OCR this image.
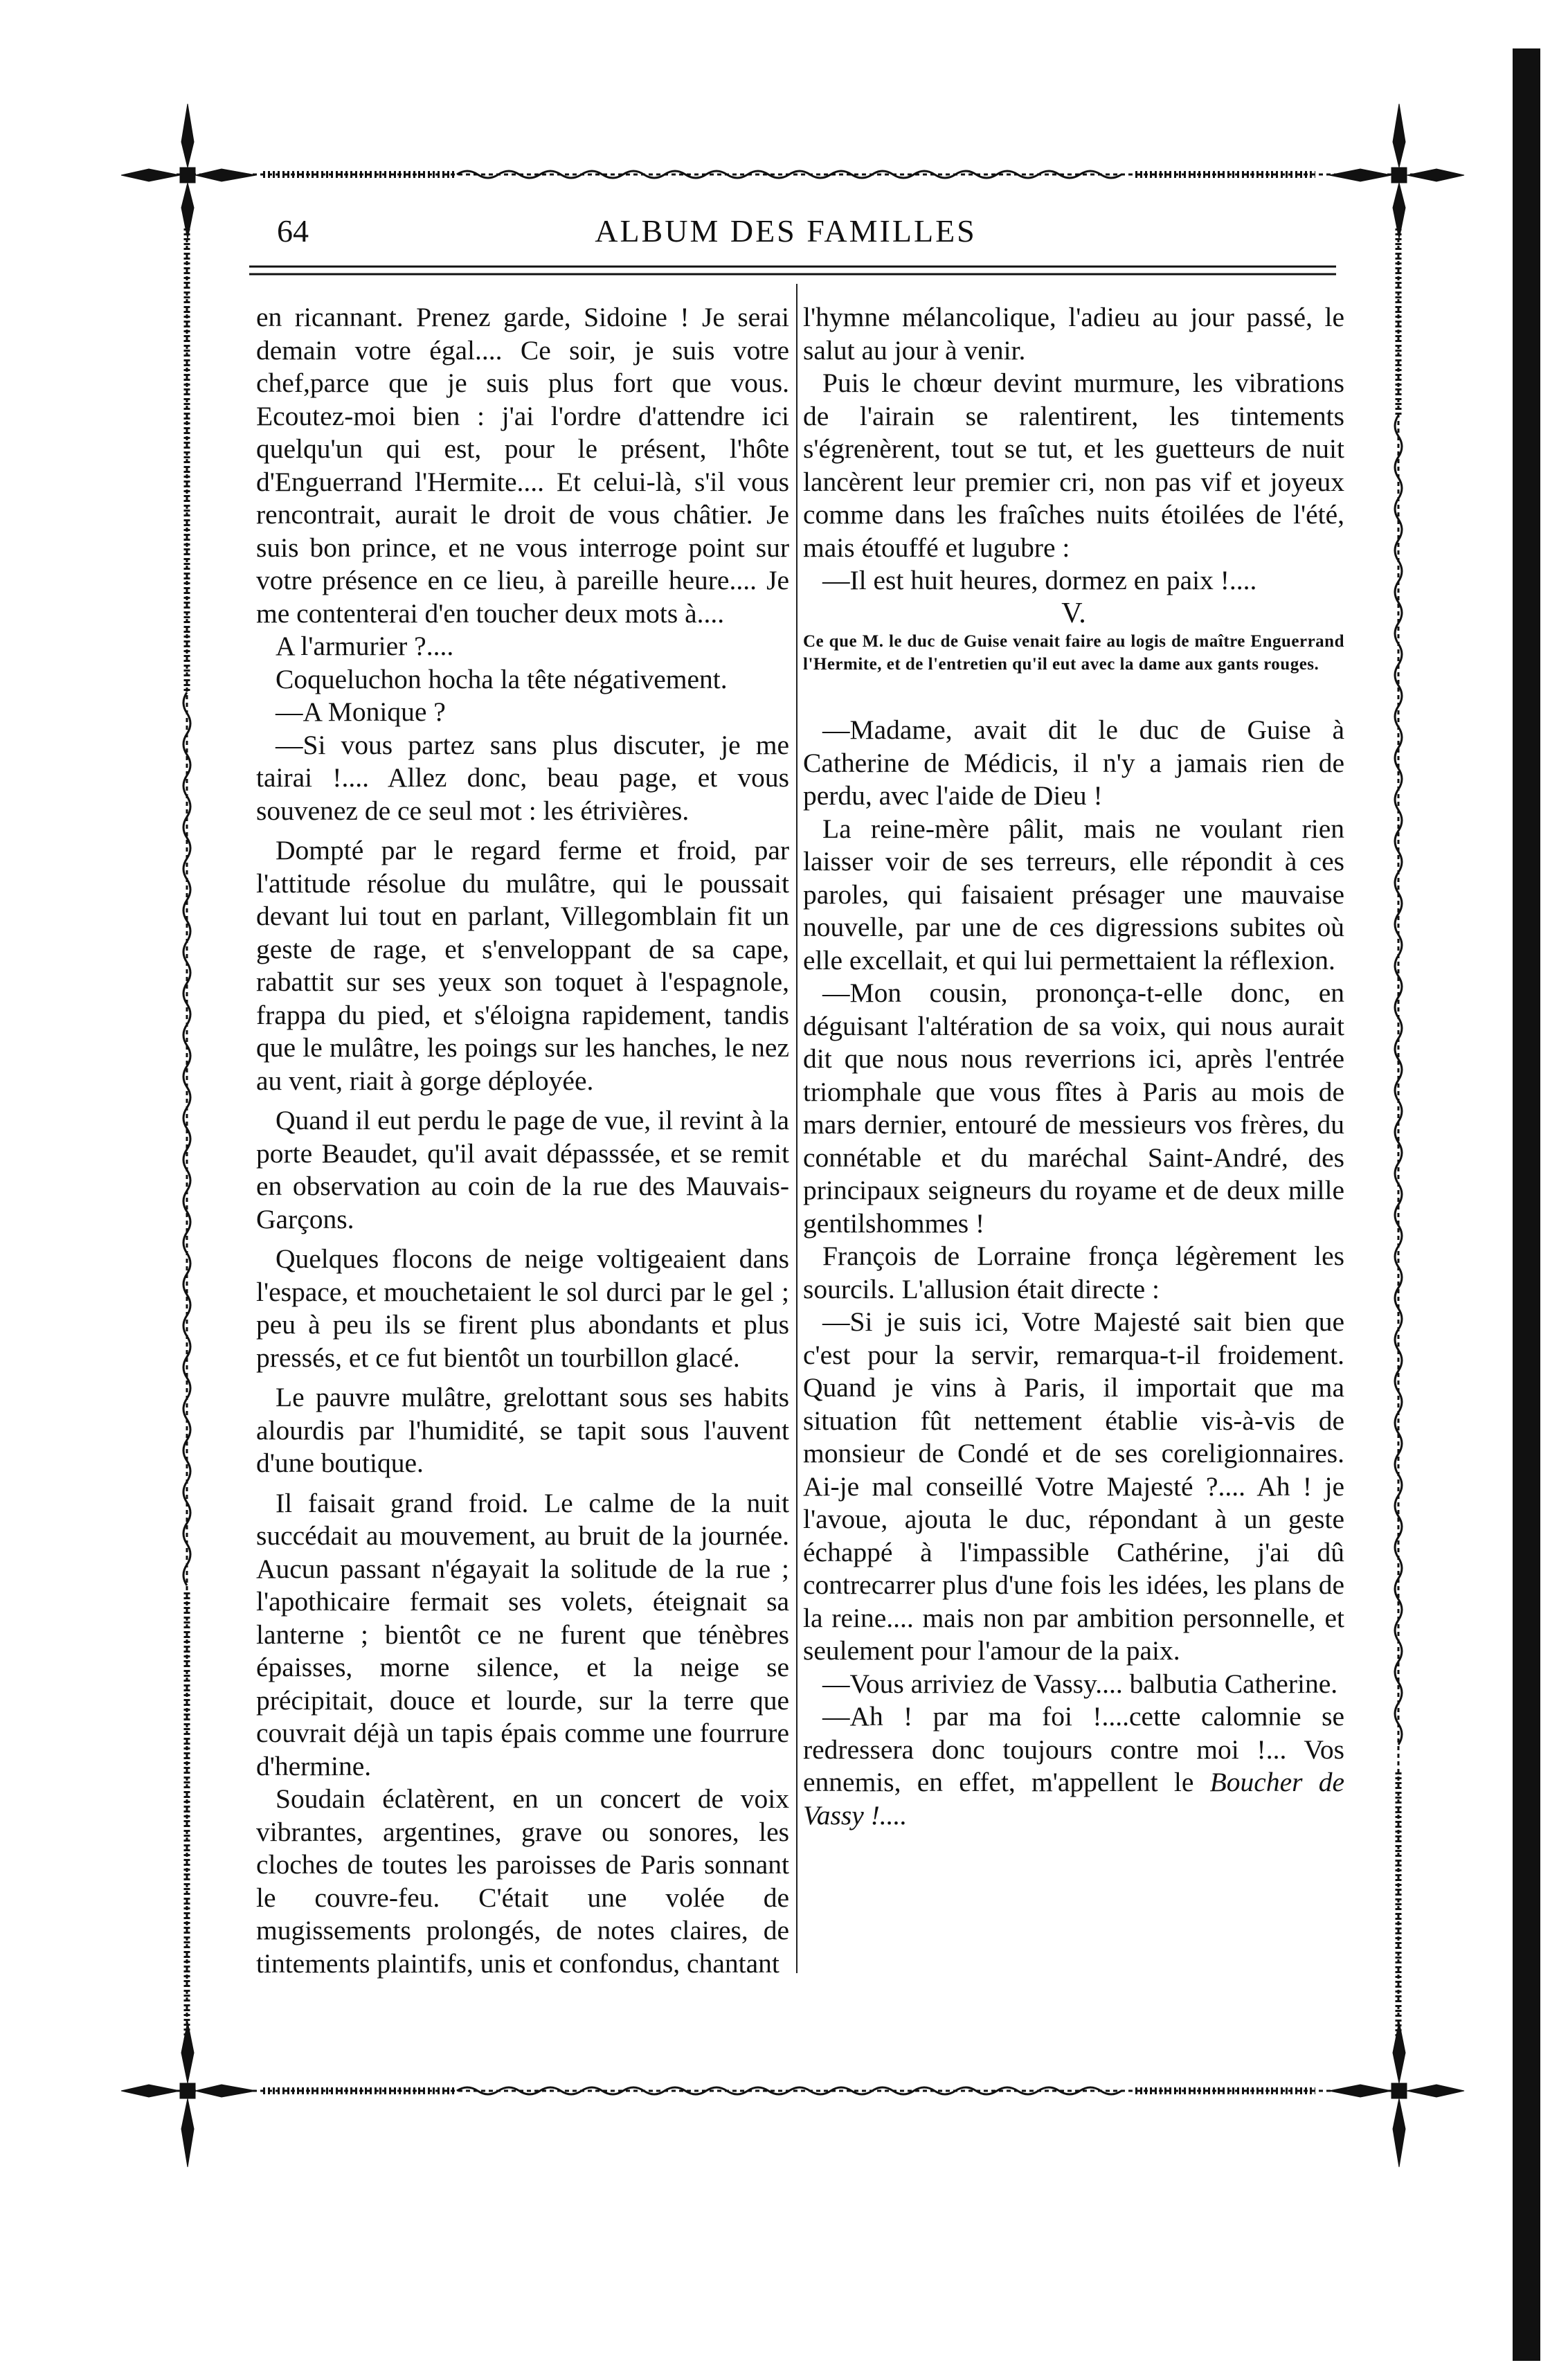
64	ALBUM DES FAMILLES

en ricannant. Prenez garde, Sidoine ! Je serai demain votre égal.... Ce soir, je suis votre chef,parce que je suis plus fort que vous. Ecoutez-moi bien : j'ai l'ordre d'attendre ici quelqu'un qui est, pour le présent, l'hôte d'Enguerrand l'Hermite.... Et celui-là, s'il vous rencontrait, aurait le droit de vous châtier. Je suis bon prince, et ne vous interroge point sur votre présence en ce lieu, à pareille heure.... Je me contenterai d'en toucher deux mots à....

A l'armurier ?....

Coqueluchon hocha la tête négativement.

—A Monique ?

—Si vous partez sans plus discuter, je me tairai !.... Allez donc, beau page, et vous souvenez de ce seul mot : les étrivières.

Dompté par le regard ferme et froid, par l'attitude résolue du mulâtre, qui le poussait devant lui tout en parlant, Villegomblain fit un geste de rage, et s'enveloppant de sa cape, rabattit sur ses yeux son toquet à l'espagnole, frappa du pied, et s'éloigna rapidement, tandis que le mulâtre, les poings sur les hanches, le nez au vent, riait à gorge déployée.

Quand il eut perdu le page de vue, il revint à la porte Beaudet, qu'il avait dépasssée, et se remit en observation au coin de la rue des Mauvais-Garçons.

Quelques flocons de neige voltigeaient dans l'espace, et mouchetaient le sol durci par le gel ; peu à peu ils se firent plus abondants et plus pressés, et ce fut bientôt un tourbillon glacé.

Le pauvre mulâtre, grelottant sous ses habits alourdis par l'humidité, se tapit sous l'auvent d'une boutique.

Il faisait grand froid. Le calme de la nuit succédait au mouvement, au bruit de la journée. Aucun passant n'égayait la solitude de la rue ; l'apothicaire fermait ses volets, éteignait sa lanterne ; bientôt ce ne furent que ténèbres épaisses, morne silence, et la neige se précipitait, douce et lourde, sur la terre que couvrait déjà un tapis épais comme une fourrure d'hermine.

Soudain éclatèrent, en un concert de voix vibrantes, argentines, grave ou sonores, les cloches de toutes les paroisses de Paris sonnant le couvre-feu. C'était une volée de mugissements prolongés, de notes claires, de tintements plaintifs, unis et confondus, chantant

l'hymne mélancolique, l'adieu au jour passé, le salut au jour à venir.

Puis le chœur devint murmure, les vibrations de l'airain se ralentirent, les tintements s'égrenèrent, tout se tut, et les guetteurs de nuit lancèrent leur premier cri, non pas vif et joyeux comme dans les fraîches nuits étoilées de l'été, mais étouffé et lugubre :

—Il est huit heures, dormez en paix !....

V.

Ce que M. le duc de Guise venait faire au logis de maître Enguerrand l'Hermite, et de l'entretien qu'il eut avec la dame aux gants rouges.

—Madame, avait dit le duc de Guise à Catherine de Médicis, il n'y a jamais rien de perdu, avec l'aide de Dieu !

La reine-mère pâlit, mais ne voulant rien laisser voir de ses terreurs, elle répondit à ces paroles, qui faisaient présager une mauvaise nouvelle, par une de ces digressions subites où elle excellait, et qui lui permettaient la réflexion.

—Mon cousin, prononça-t-elle donc, en déguisant l'altération de sa voix, qui nous aurait dit que nous nous reverrions ici, après l'entrée triomphale que vous fîtes à Paris au mois de mars dernier, entouré de messieurs vos frères, du connétable et du maréchal Saint-André, des principaux seigneurs du royame et de deux mille gentilshommes !

François de Lorraine fronça légèrement les sourcils. L'allusion était directe :

—Si je suis ici, Votre Majesté sait bien que c'est pour la servir, remarqua-t-il froidement. Quand je vins à Paris, il importait que ma situation fût nettement établie vis-à-vis de monsieur de Condé et de ses coreligionnaires. Ai-je mal conseillé Votre Majesté ?.... Ah ! je l'avoue, ajouta le duc, répondant à un geste échappé à l'impassible Cathérine, j'ai dû contrecarrer plus d'une fois les idées, les plans de la reine.... mais non par ambition personnelle, et seulement pour l'amour de la paix.

—Vous arriviez de Vassy.... balbutia Catherine.

—Ah ! par ma foi !....cette calomnie se redressera donc toujours contre moi !... Vos ennemis, en effet, m'appellent le Boucher de Vassy !....
